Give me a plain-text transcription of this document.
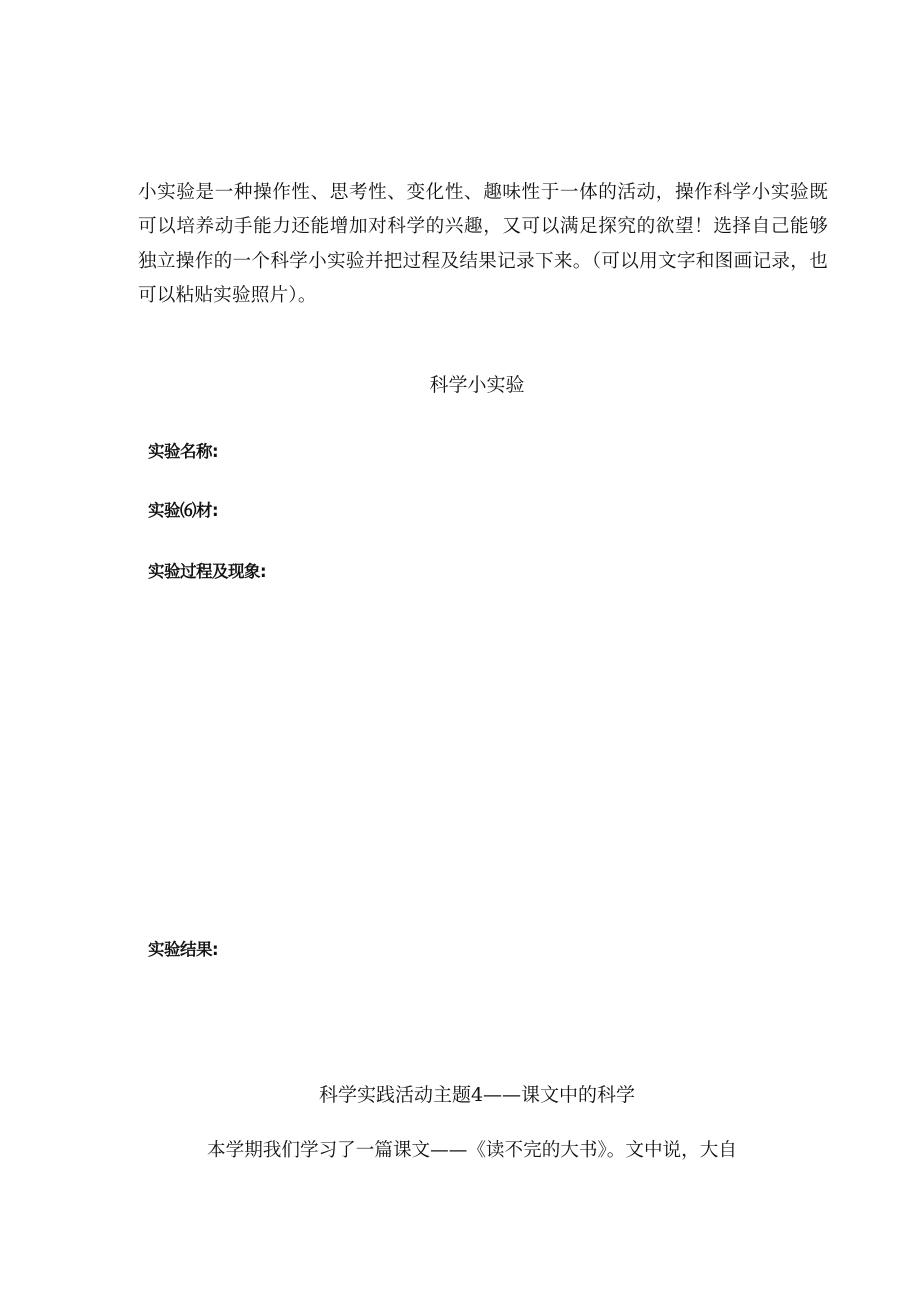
小实验是一种操作性、思考性、变化性、趣味性于一体的活动，操作科学小实验既可以培养动手能力还能增加对科学的兴趣，又可以满足探究的欲望！选择自己能够独立操作的一个科学小实验并把过程及结果记录下来。（可以用文字和图画记录，也可以粘贴实验照片）。

科学小实验

实验名称:

实验⑹材:

实验过程及现象:

实验结果:

科学实践活动主题4——课文中的科学

本学期我们学习了一篇课文——《读不完的大书》。文中说，大自
